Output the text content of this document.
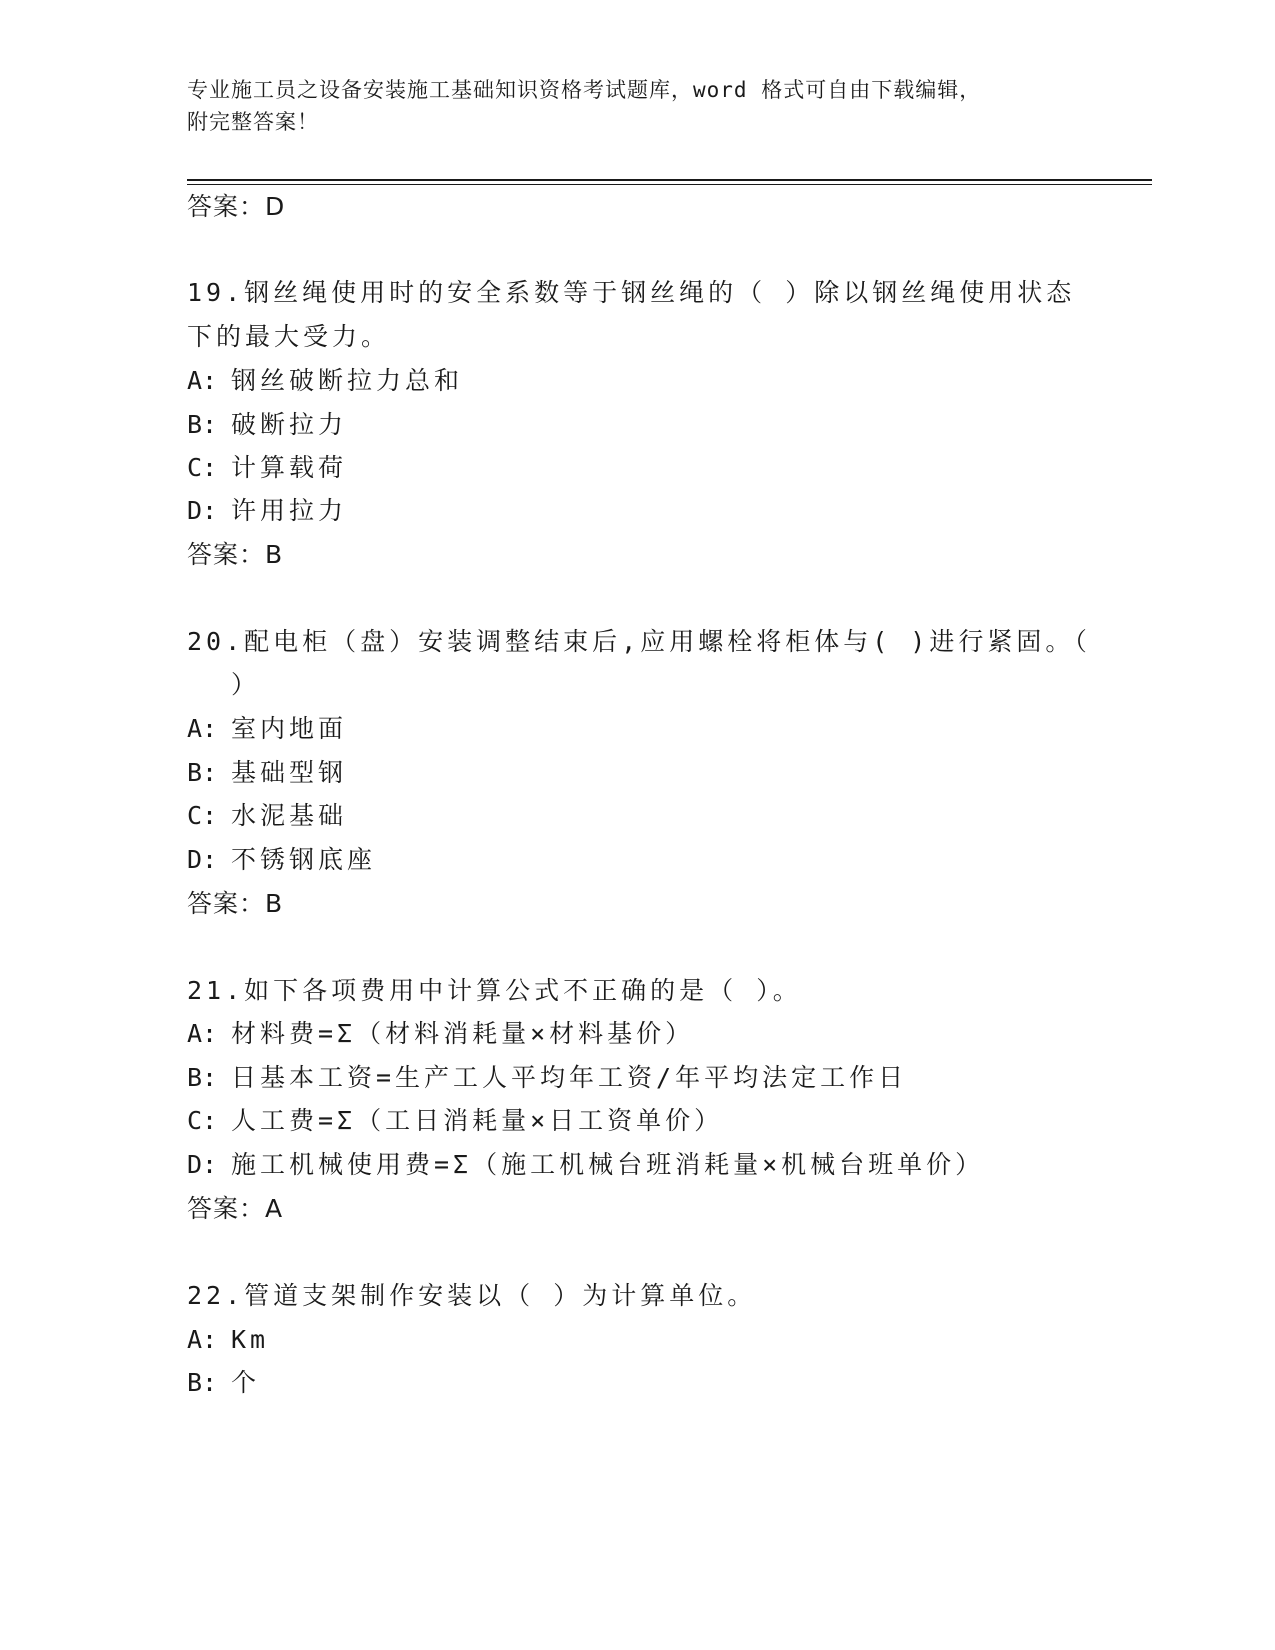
专业施工员之设备安装施工基础知识资格考试题库，word 格式可自由下载编辑，
附完整答案！
答案：D
19.钢丝绳使用时的安全系数等于钢丝绳的（ ）除以钢丝绳使用状态
下的最大受力。
A: 钢丝破断拉力总和
B: 破断拉力
C: 计算载荷
D: 许用拉力
答案：B
20.配电柜（盘）安装调整结束后,应用螺栓将柜体与( )进行紧固。（
）
A: 室内地面
B: 基础型钢
C: 水泥基础
D: 不锈钢底座
答案：B
21.如下各项费用中计算公式不正确的是（ ）。
A: 材料费=Σ（材料消耗量×材料基价）
B: 日基本工资=生产工人平均年工资/年平均法定工作日
C: 人工费=Σ（工日消耗量×日工资单价）
D: 施工机械使用费=Σ（施工机械台班消耗量×机械台班单价）
答案：A
22.管道支架制作安装以（ ）为计算单位。
A: Km
B: 个
